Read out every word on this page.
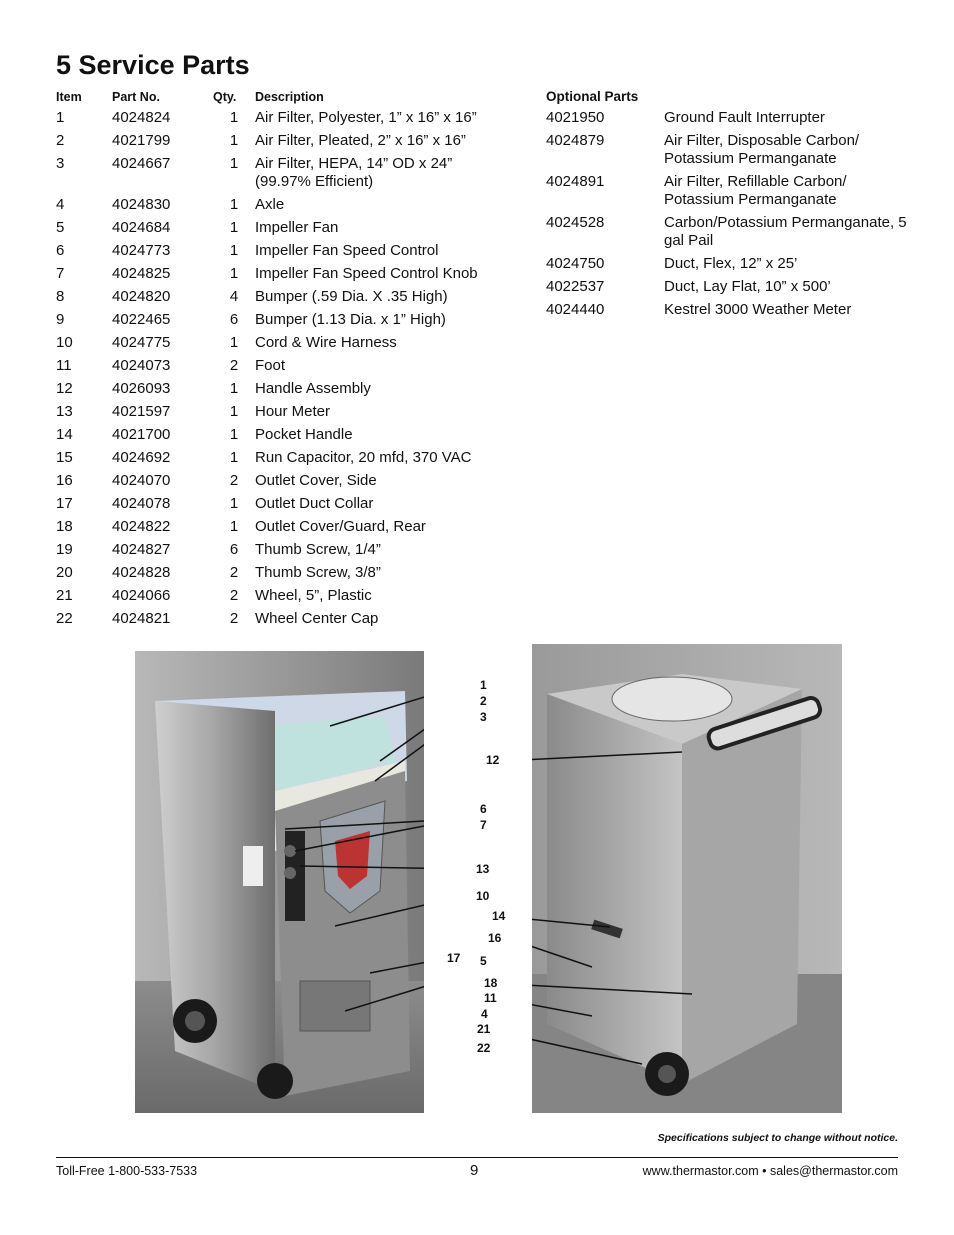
5 Service Parts
Item	Part No.	Qty.	Description
1	4024824	1	Air Filter, Polyester, 1” x 16” x 16”
2	4021799	1	Air Filter, Pleated, 2” x 16” x 16”
3	4024667	1	Air Filter, HEPA, 14” OD x 24” (99.97% Efficient)
4	4024830	1	Axle
5	4024684	1	Impeller Fan
6	4024773	1	Impeller Fan Speed Control
7	4024825	1	Impeller Fan Speed Control Knob
8	4024820	4	Bumper (.59 Dia. X .35 High)
9	4022465	6	Bumper (1.13 Dia. x 1” High)
10	4024775	1	Cord & Wire Harness
11	4024073	2	Foot
12	4026093	1	Handle Assembly
13	4021597	1	Hour Meter
14	4021700	1	Pocket Handle
15	4024692	1	Run Capacitor, 20 mfd, 370 VAC
16	4024070	2	Outlet Cover, Side
17	4024078	1	Outlet Duct Collar
18	4024822	1	Outlet Cover/Guard, Rear
19	4024827	6	Thumb Screw, 1/4”
20	4024828	2	Thumb Screw, 3/8”
21	4024066	2	Wheel, 5”, Plastic
22	4024821	2	Wheel Center Cap
Optional Parts
4021950	Ground Fault Interrupter
4024879	Air Filter, Disposable Carbon/ Potassium Permanganate
4024891	Air Filter, Refillable Carbon/ Potassium Permanganate
4024528	Carbon/Potassium Permanganate, 5 gal Pail
4024750	Duct, Flex, 12” x 25’
4022537	Duct, Lay Flat, 10” x 500’
4024440	Kestrel 3000 Weather Meter
1
2
3
6
7
13
10
17 5
12
14
16
18
11
4
21
22
Specifications subject to change without notice.
Toll-Free 1-800-533-7533	9	www.thermastor.com • sales@thermastor.com
